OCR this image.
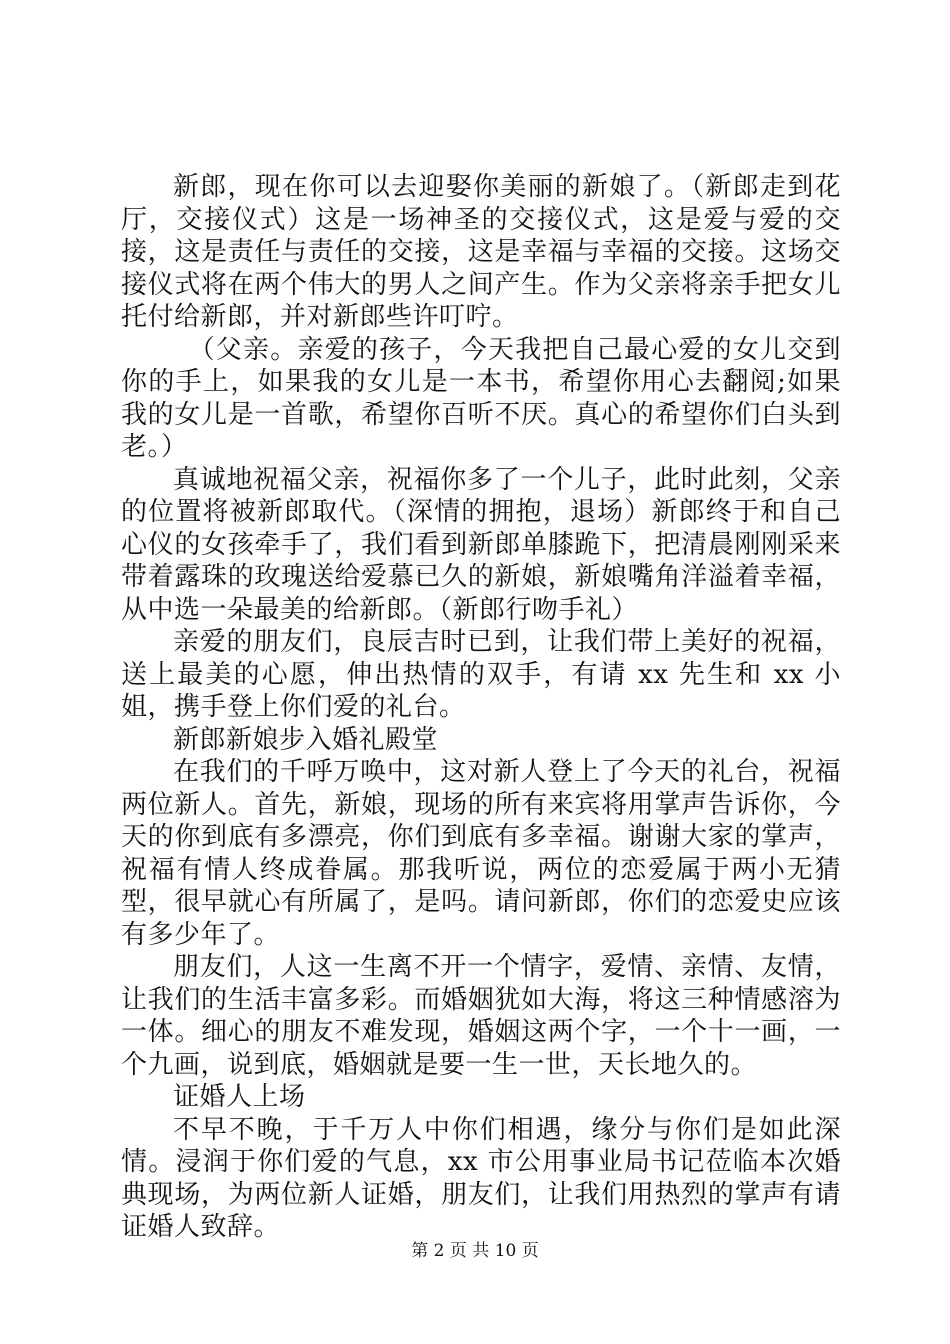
新郎，现在你可以去迎娶你美丽的新娘了。（新郎走到花厅，交接仪式）这是一场神圣的交接仪式，这是爱与爱的交接，这是责任与责任的交接，这是幸福与幸福的交接。这场交接仪式将在两个伟大的男人之间产生。作为父亲将亲手把女儿托付给新郎，并对新郎些许叮咛。

（父亲。亲爱的孩子，今天我把自己最心爱的女儿交到你的手上，如果我的女儿是一本书，希望你用心去翻阅;如果我的女儿是一首歌，希望你百听不厌。真心的希望你们白头到老。）

真诚地祝福父亲，祝福你多了一个儿子，此时此刻，父亲的位置将被新郎取代。（深情的拥抱，退场）新郎终于和自己心仪的女孩牵手了，我们看到新郎单膝跪下，把清晨刚刚采来带着露珠的玫瑰送给爱慕已久的新娘，新娘嘴角洋溢着幸福，从中选一朵最美的给新郎。（新郎行吻手礼）

亲爱的朋友们，良辰吉时已到，让我们带上美好的祝福，送上最美的心愿，伸出热情的双手，有请 xx 先生和 xx 小姐，携手登上你们爱的礼台。

新郎新娘步入婚礼殿堂

在我们的千呼万唤中，这对新人登上了今天的礼台，祝福两位新人。首先，新娘，现场的所有来宾将用掌声告诉你，今天的你到底有多漂亮，你们到底有多幸福。谢谢大家的掌声，祝福有情人终成眷属。那我听说，两位的恋爱属于两小无猜型，很早就心有所属了，是吗。请问新郎，你们的恋爱史应该有多少年了。

朋友们，人这一生离不开一个情字，爱情、亲情、友情，让我们的生活丰富多彩。而婚姻犹如大海，将这三种情感溶为一体。细心的朋友不难发现，婚姻这两个字，一个十一画，一个九画，说到底，婚姻就是要一生一世，天长地久的。

证婚人上场

不早不晚，于千万人中你们相遇，缘分与你们是如此深情。浸润于你们爱的气息，xx 市公用事业局书记莅临本次婚典现场，为两位新人证婚，朋友们，让我们用热烈的掌声有请证婚人致辞。

第 2 页 共 10 页
